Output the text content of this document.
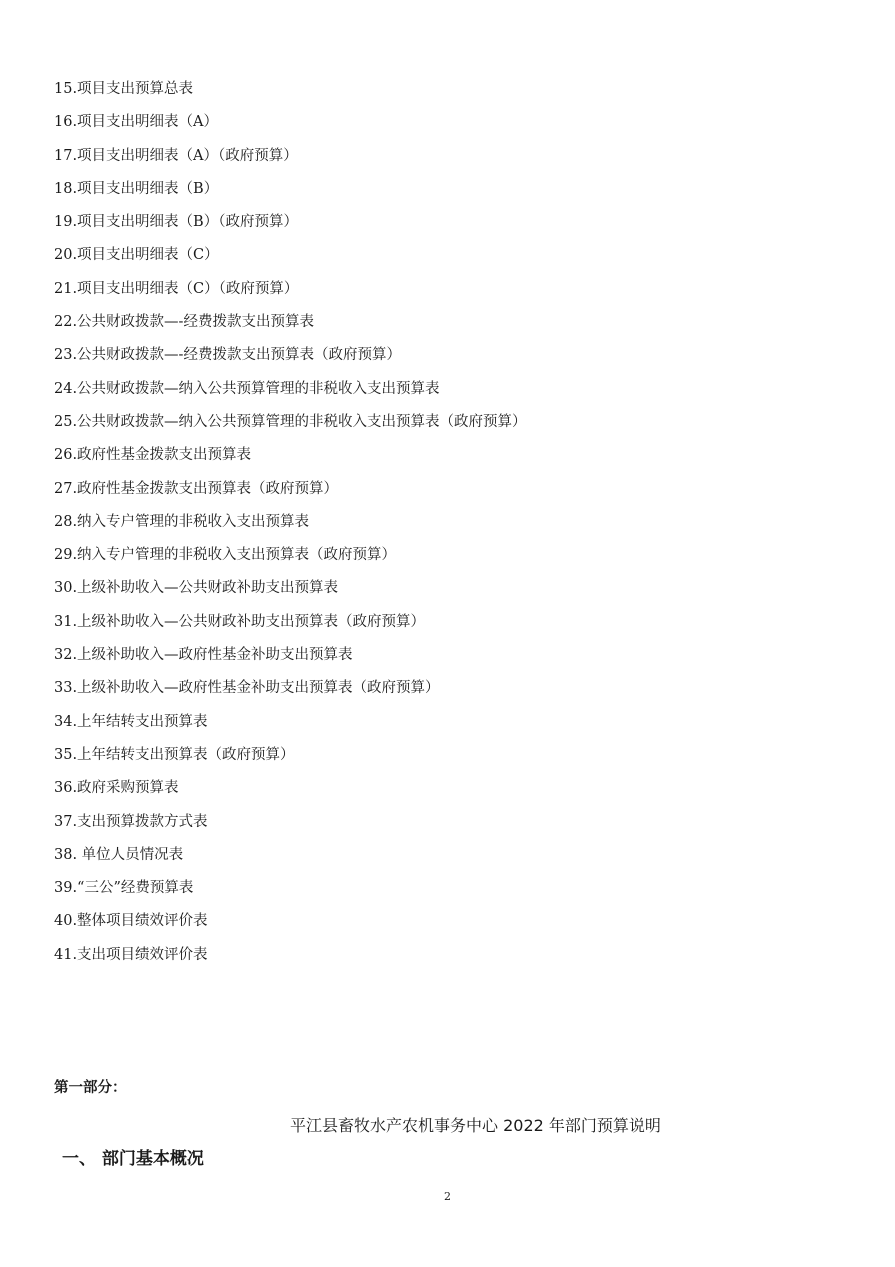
15.项目支出预算总表
16.项目支出明细表（A）
17.项目支出明细表（A）（政府预算）
18.项目支出明细表（B）
19.项目支出明细表（B）（政府预算）
20.项目支出明细表（C）
21.项目支出明细表（C）（政府预算）
22.公共财政拨款—-经费拨款支出预算表
23.公共财政拨款—-经费拨款支出预算表（政府预算）
24.公共财政拨款—纳入公共预算管理的非税收入支出预算表
25.公共财政拨款—纳入公共预算管理的非税收入支出预算表（政府预算）
26.政府性基金拨款支出预算表
27.政府性基金拨款支出预算表（政府预算）
28.纳入专户管理的非税收入支出预算表
29.纳入专户管理的非税收入支出预算表（政府预算）
30.上级补助收入—公共财政补助支出预算表
31.上级补助收入—公共财政补助支出预算表（政府预算）
32.上级补助收入—政府性基金补助支出预算表
33.上级补助收入—政府性基金补助支出预算表（政府预算）
34.上年结转支出预算表
35.上年结转支出预算表（政府预算）
36.政府采购预算表
37.支出预算拨款方式表
38. 单位人员情况表
39.“三公”经费预算表
40.整体项目绩效评价表
41.支出项目绩效评价表
第一部分：
平江县畜牧水产农机事务中心 2022 年部门预算说明
一、 部门基本概况
2
